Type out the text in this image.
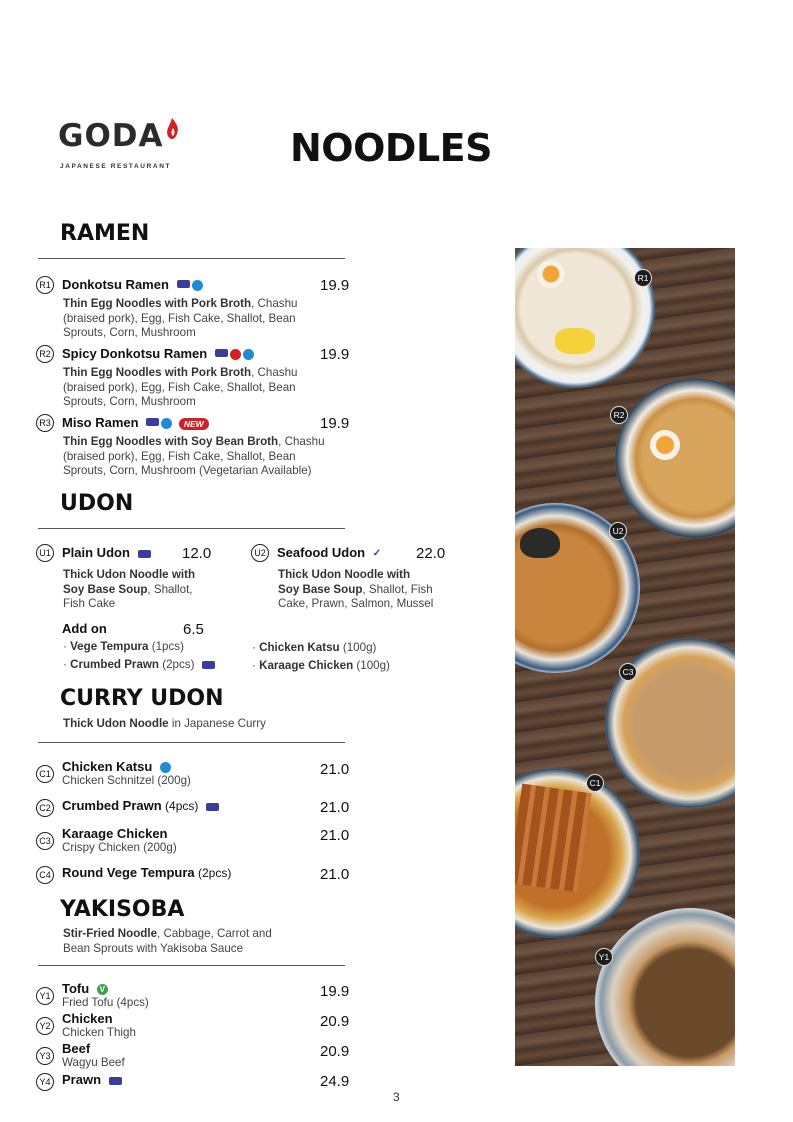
GODA
JAPANESE RESTAURANT	NOODLES
RAMEN
R1 Donkotsu Ramen	19.9
Thin Egg Noodles with Pork Broth, Chashu
(braised pork), Egg, Fish Cake, Shallot, Bean
Sprouts, Corn, Mushroom
R2 Spicy Donkotsu Ramen	19.9
Thin Egg Noodles with Pork Broth, Chashu
(braised pork), Egg, Fish Cake, Shallot, Bean
Sprouts, Corn, Mushroom
R3 Miso Ramen	NEW	19.9
Thin Egg Noodles with Soy Bean Broth, Chashu
(braised pork), Egg, Fish Cake, Shallot, Bean
Sprouts, Corn, Mushroom (Vegetarian Available)
UDON
U1 Plain Udon	12.0
Thick Udon Noodle with
Soy Base Soup, Shallot,
Fish Cake
U2 Seafood Udon ✓ 22.0
Thick Udon Noodle with
Soy Base Soup, Shallot, Fish
Cake, Prawn, Salmon, Mussel
Add on	6.5
· Vege Tempura (1pcs)
· Crumbed Prawn (2pcs)
· Chicken Katsu (100g)
· Karaage Chicken (100g)
CURRY UDON
Thick Udon Noodle in Japanese Curry
C1 Chicken Katsu
Chicken Schnitzel (200g)
21.0
C2 Crumbed Prawn (4pcs)	21.0
C3 Karaage Chicken
Crispy Chicken (200g)
21.0
C4 Round Vege Tempura (2pcs)	21.0
YAKISOBA
Stir-Fried Noodle, Cabbage, Carrot and
Bean Sprouts with Yakisoba Sauce
Y1 Tofu	V
Fried Tofu (4pcs)
19.9
Y2 Chicken
Chicken Thigh
20.9
Y3 Beef
Wagyu Beef
20.9
Y4 Prawn	24.9
R1
R2
U2
C3
C1
Y1
3
